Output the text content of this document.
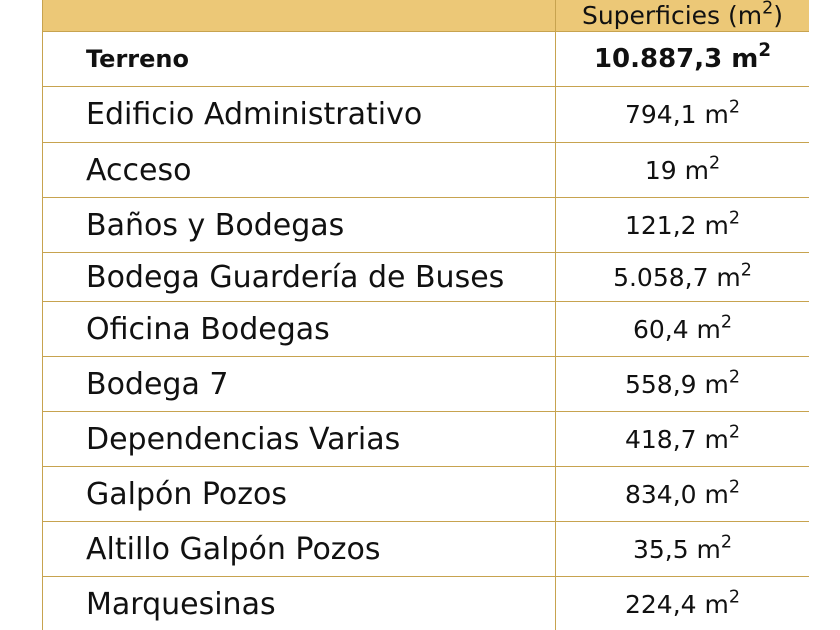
	Superficies $(m^2)$
Terreno	10.887,3 $m^2$
Edificio Administrativo	794,1 $m^2$
Acceso	19 $m^2$
Baños y Bodegas	121,2 $m^2$
Bodega Guardería de Buses	5.058,7 $m^2$
Oficina Bodegas	60,4 $m^2$
Bodega 7	558,9 $m^2$
Dependencias Varias	418,7 $m^2$
Galpón Pozos	834,0 $m^2$
Altillo Galpón Pozos	35,5 $m^2$
Marquesinas	224,4 $m^2$
